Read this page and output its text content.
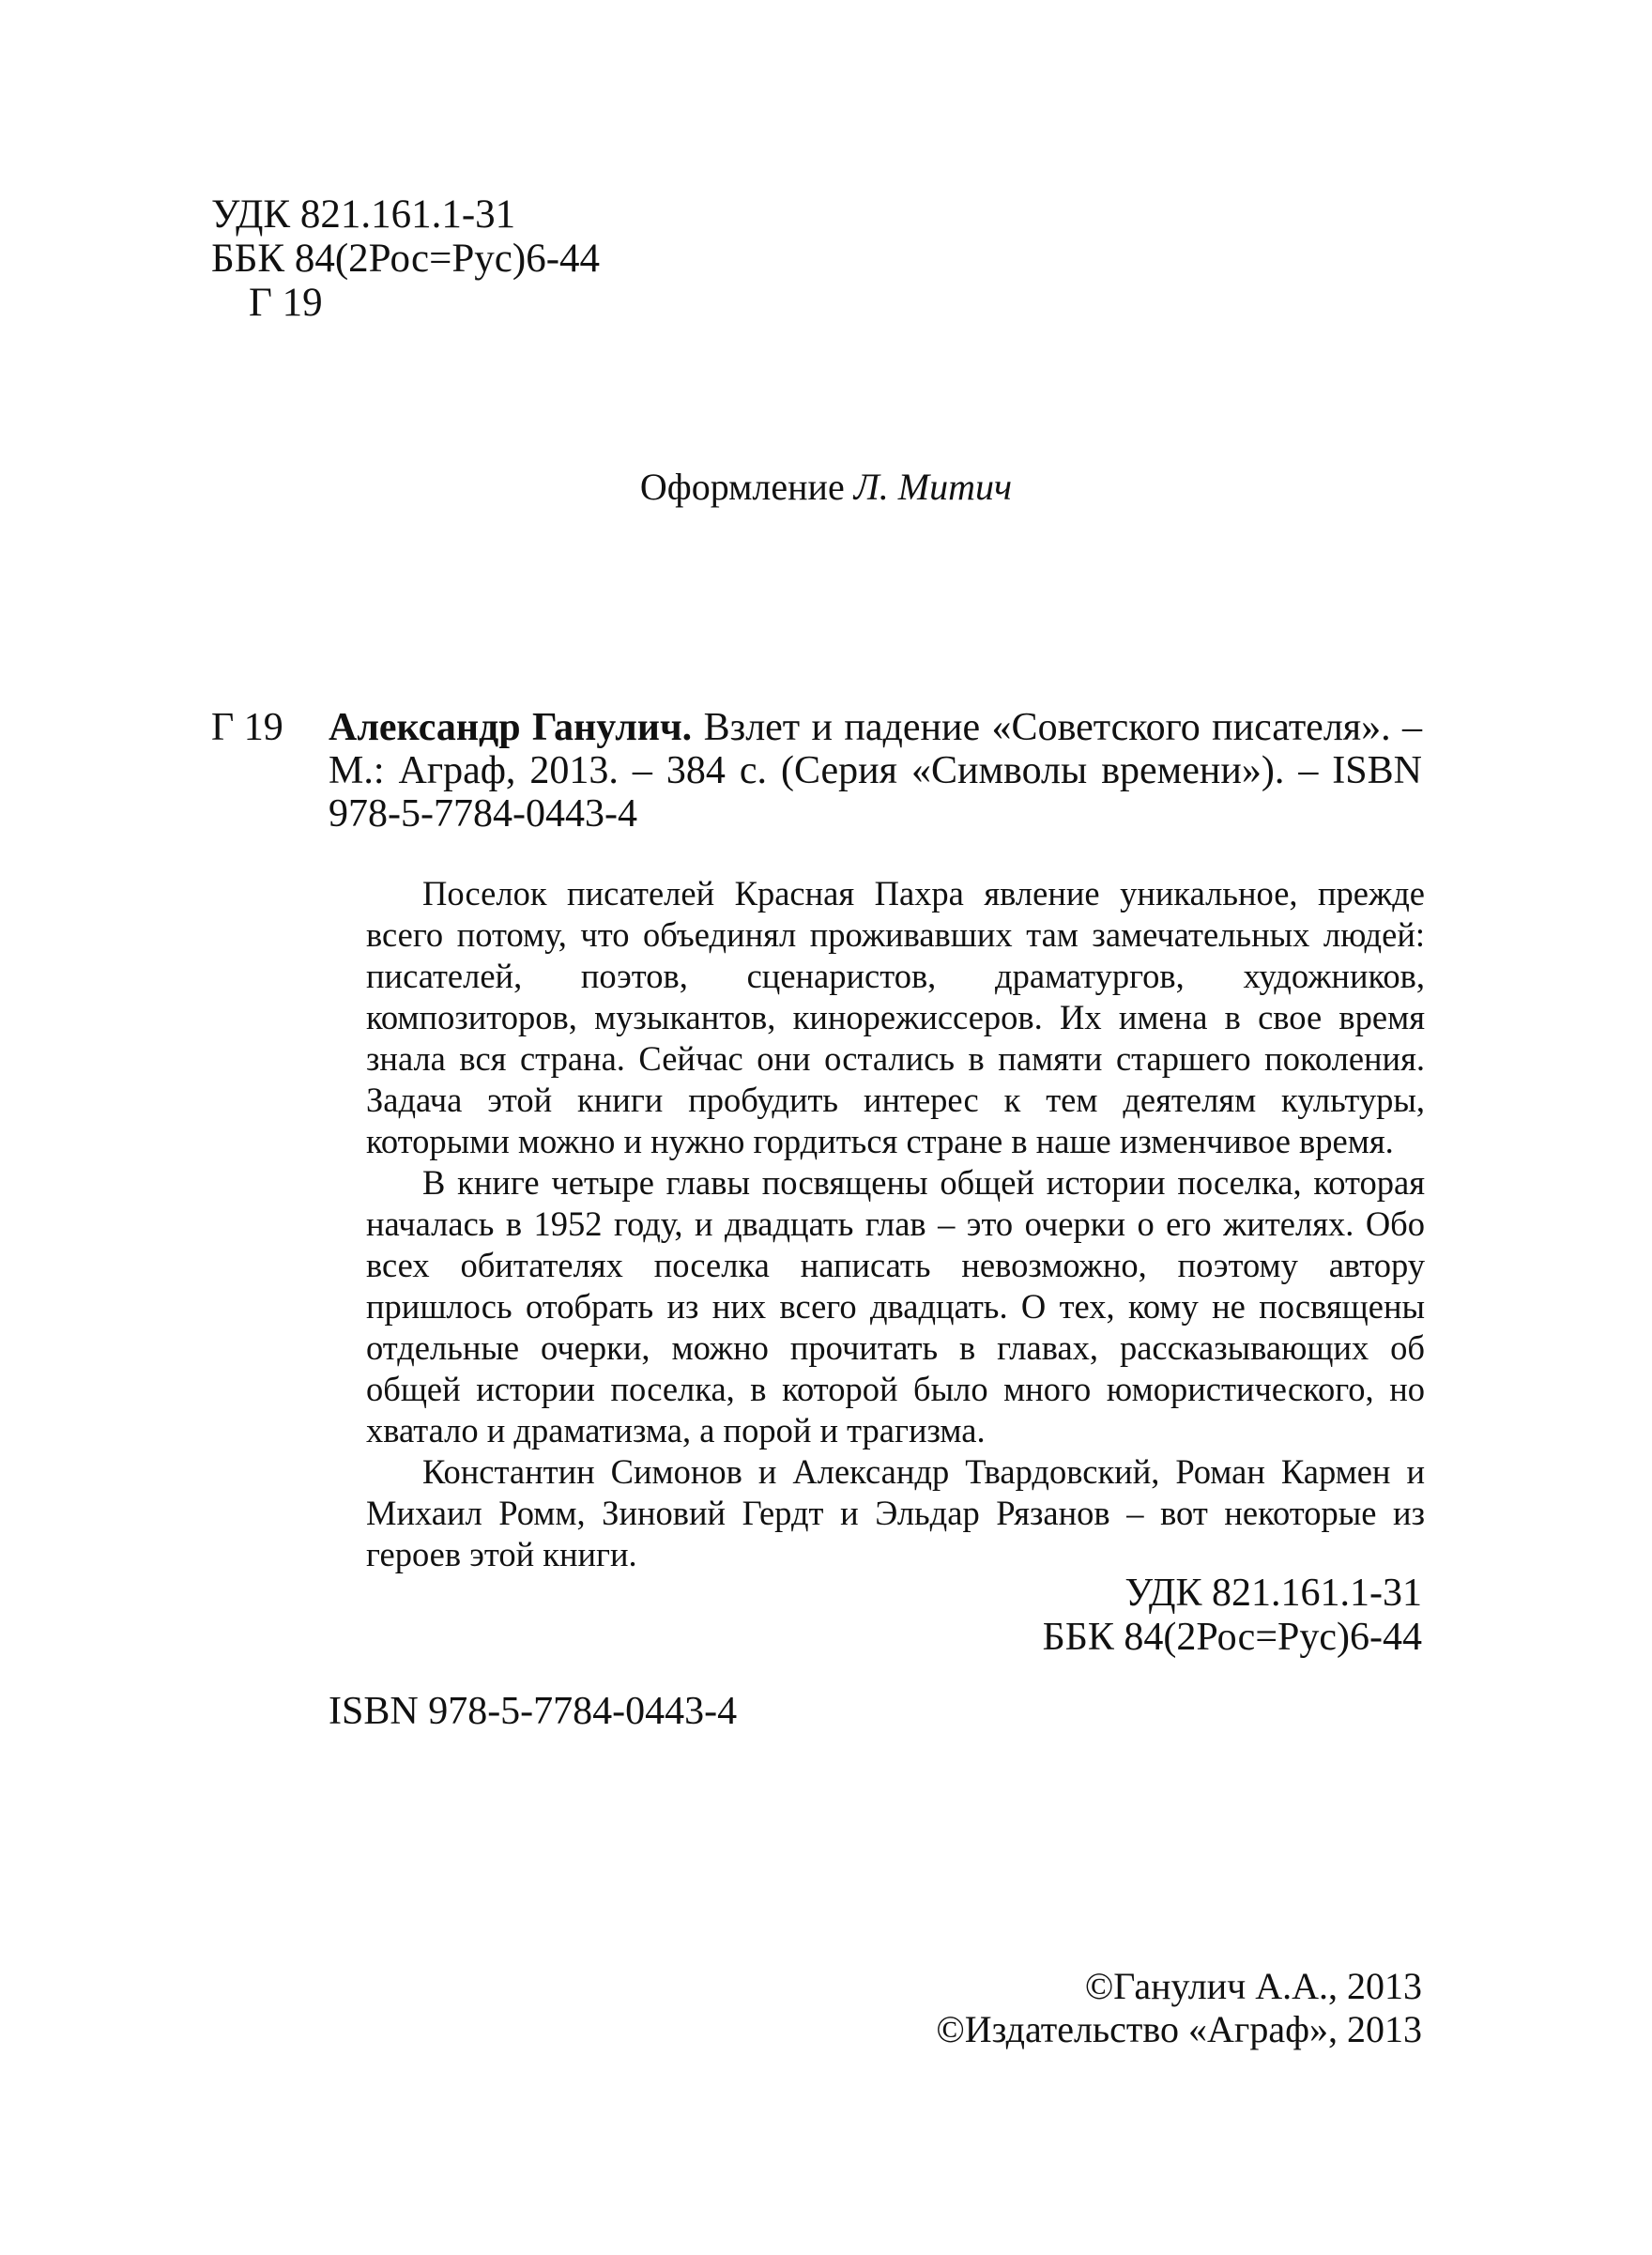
УДК 821.161.1-31
ББК 84(2Рос=Рус)6-44
Г 19
Оформление Л. Митич
Г 19 Александр Ганулич. Взлет и падение «Советского писателя». – М.: Аграф, 2013. – 384 с. (Серия «Символы времени»). – ISBN 978-5-7784-0443-4

Поселок писателей Красная Пахра явление уникальное, прежде всего потому, что объединял проживавших там замечательных людей: писателей, поэтов, сценаристов, драматургов, художников, композиторов, музыкантов, кинорежиссеров. Их имена в свое время знала вся страна. Сейчас они остались в памяти старшего поколения. Задача этой книги пробудить интерес к тем деятелям культуры, которыми можно и нужно гордиться стране в наше изменчивое время.

В книге четыре главы посвящены общей истории поселка, которая началась в 1952 году, и двадцать глав – это очерки о его жителях. Обо всех обитателях поселка написать невозможно, поэтому автору пришлось отобрать из них всего двадцать. О тех, кому не посвящены отдельные очерки, можно прочитать в главах, рассказывающих об общей истории поселка, в которой было много юмористического, но хватало и драматизма, а порой и трагизма.

Константин Симонов и Александр Твардовский, Роман Кармен и Михаил Ромм, Зиновий Гердт и Эльдар Рязанов – вот некоторые из героев этой книги.

УДК 821.161.1-31
ББК 84(2Рос=Рус)6-44
ISBN 978-5-7784-0443-4
©Ганулич А.А., 2013
©Издательство «Аграф», 2013
